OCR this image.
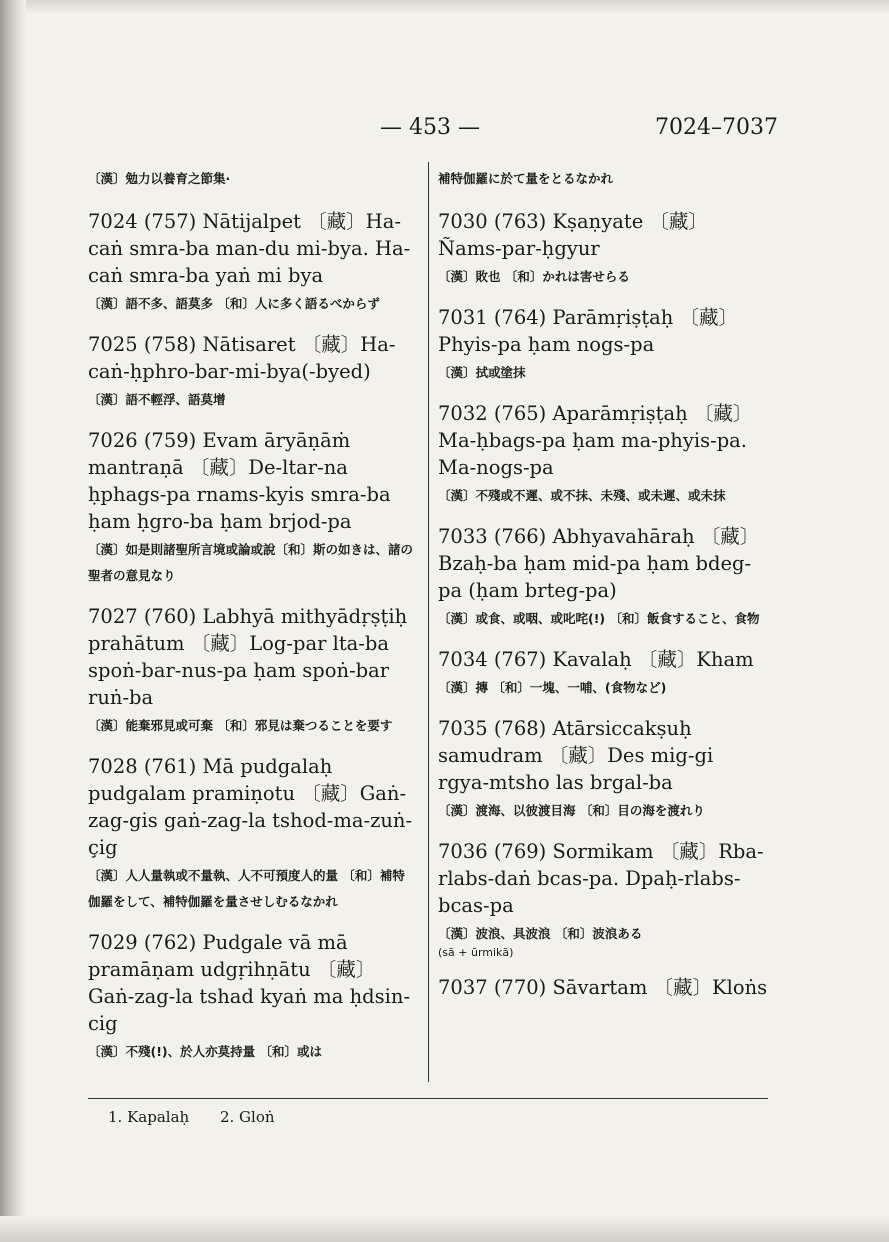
— 453 —	7024–7037
〔漢〕勉力以養育之節集·
7024 (757) Nātijalpet 〔藏〕Ha-caṅ smra-ba man-du mi-bya. Ha-caṅ smra-ba yaṅ mi bya
〔漢〕語不多、語莫多 〔和〕人に多く語るべからず
7025 (758) Nātisaret 〔藏〕Ha-caṅ-ḥphro-bar-mi-bya(-byed)
〔漢〕語不輕浮、語莫增
7026 (759) Evam āryāṇāṁ mantraṇā 〔藏〕De-ltar-na ḥphags-pa rnams-kyis smra-ba ḥam ḥgro-ba ḥam brjod-pa
〔漢〕如是則諸聖所言境或論或說〔和〕斯の如きは、諸の聖者の意見なり
7027 (760) Labhyā mithyādṛṣṭiḥ prahātum 〔藏〕Log-par lta-ba spoṅ-bar-nus-pa ḥam spoṅ-bar ruṅ-ba
〔漢〕能棄邪見或可棄 〔和〕邪見は棄つることを要す
7028 (761) Mā pudgalaḥ pudgalam pramiṇotu 〔藏〕Gaṅ-zag-gis gaṅ-zag-la tshod-ma-zuṅ-çig
〔漢〕人人量執或不量執、人不可預度人的量 〔和〕補特伽羅をして、補特伽羅を量させしむるなかれ
7029 (762) Pudgale vā mā pramāṇam udgṛihṇātu 〔藏〕Gaṅ-zag-la tshad kyaṅ ma ḥdsin-cig
〔漢〕不殘(!)、於人亦莫持量 〔和〕或は
補特伽羅に於て量をとるなかれ
7030 (763) Kṣaṇyate 〔藏〕Ñams-par-ḥgyur
〔漢〕敗也 〔和〕かれは害せらる
7031 (764) Parāmṛiṣṭaḥ 〔藏〕Phyis-pa ḥam nogs-pa
〔漢〕拭或塗抹
7032 (765) Aparāmṛiṣṭaḥ 〔藏〕Ma-ḥbags-pa ḥam ma-phyis-pa. Ma-nogs-pa
〔漢〕不殘或不遲、或不抹、未殘、或未遲、或未抹
7033 (766) Abhyavahāraḥ 〔藏〕Bzaḥ-ba ḥam mid-pa ḥam bdeg-pa (ḥam brteg-pa)
〔漢〕或食、或咽、或叱咤(!) 〔和〕飯食すること、食物
7034 (767) Kavalaḥ 〔藏〕Kham
〔漢〕摶 〔和〕一塊、一哺、(食物など)
7035 (768) Atārsiccakṣuḥ samudram 〔藏〕Des mig-gi rgya-mtsho las brgal-ba
〔漢〕渡海、以彼渡目海 〔和〕目の海を渡れり
7036 (769) Sormikam 〔藏〕Rba-rlabs-daṅ bcas-pa. Dpaḥ-rlabs-bcas-pa
〔漢〕波浪、具波浪 〔和〕波浪ある
(sā + ūrmikā)
7037 (770) Sāvartam 〔藏〕Kloṅs
1. Kapalaḥ 2. Gloṅ
